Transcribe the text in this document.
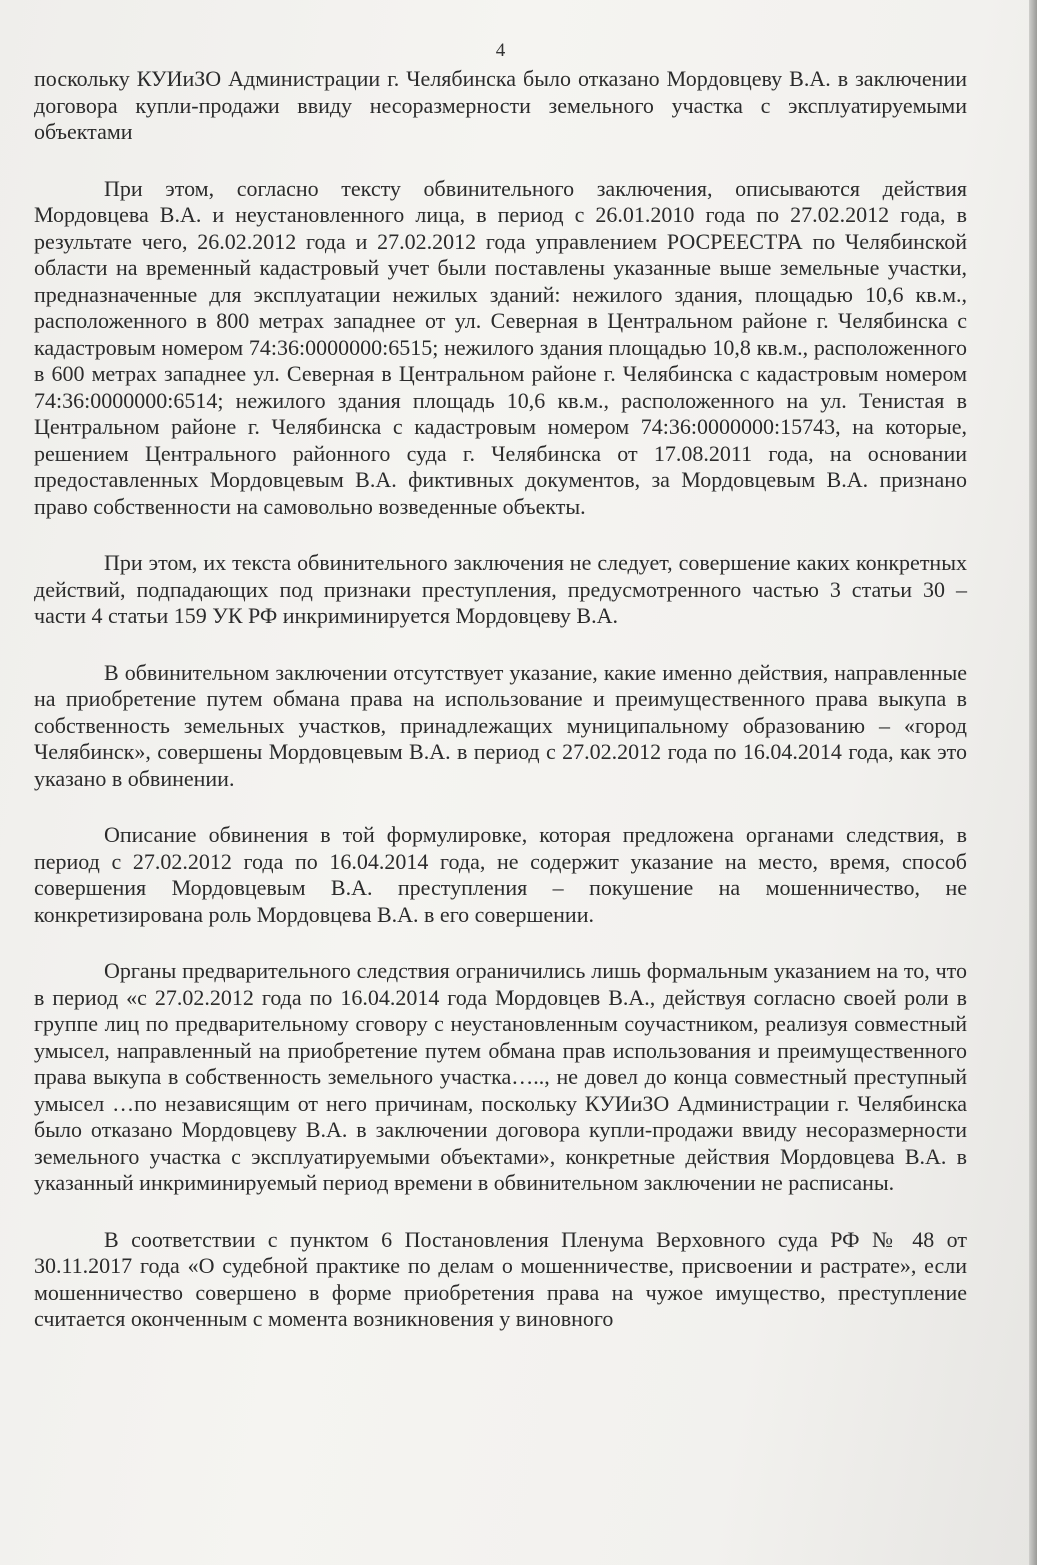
4

поскольку КУИиЗО Администрации г. Челябинска было отказано Мордовцеву В.А. в заключении договора купли-продажи ввиду несоразмерности земельного участка с эксплуатируемыми объектами

При этом, согласно тексту обвинительного заключения, описываются действия Мордовцева В.А. и неустановленного лица, в период с 26.01.2010 года по 27.02.2012 года, в результате чего, 26.02.2012 года и 27.02.2012 года управлением РОСРЕЕСТРА по Челябинской области на временный кадастровый учет были поставлены указанные выше земельные участки, предназначенные для эксплуатации нежилых зданий: нежилого здания, площадью 10,6 кв.м., расположенного в 800 метрах западнее от ул. Северная в Центральном районе г. Челябинска с кадастровым номером 74:36:0000000:6515; нежилого здания площадью 10,8 кв.м., расположенного в 600 метрах западнее ул. Северная в Центральном районе г. Челябинска с кадастровым номером 74:36:0000000:6514; нежилого здания площадь 10,6 кв.м., расположенного на ул. Тенистая в Центральном районе г. Челябинска с кадастровым номером 74:36:0000000:15743, на которые, решением Центрального районного суда г. Челябинска от 17.08.2011 года, на основании предоставленных Мордовцевым В.А. фиктивных документов, за Мордовцевым В.А. признано право собственности на самовольно возведенные объекты.

При этом, их текста обвинительного заключения не следует, совершение каких конкретных действий, подпадающих под признаки преступления, предусмотренного частью 3 статьи 30 – части 4 статьи 159 УК РФ инкриминируется Мордовцеву В.А.

В обвинительном заключении отсутствует указание, какие именно действия, направленные на приобретение путем обмана права на использование и преимущественного права выкупа в собственность земельных участков, принадлежащих муниципальному образованию – «город Челябинск», совершены Мордовцевым В.А. в период с 27.02.2012 года по 16.04.2014 года, как это указано в обвинении.

Описание обвинения в той формулировке, которая предложена органами следствия, в период с 27.02.2012 года по 16.04.2014 года, не содержит указание на место, время, способ совершения Мордовцевым В.А. преступления – покушение на мошенничество, не конкретизирована роль Мордовцева В.А. в его совершении.

Органы предварительного следствия ограничились лишь формальным указанием на то, что в период «с 27.02.2012 года по 16.04.2014 года Мордовцев В.А., действуя согласно своей роли в группе лиц по предварительному сговору с неустановленным соучастником, реализуя совместный умысел, направленный на приобретение путем обмана прав использования и преимущественного права выкупа в собственность земельного участка….., не довел до конца совместный преступный умысел …по независящим от него причинам, поскольку КУИиЗО Администрации г. Челябинска было отказано Мордовцеву В.А. в заключении договора купли-продажи ввиду несоразмерности земельного участка с эксплуатируемыми объектами», конкретные действия Мордовцева В.А. в указанный инкриминируемый период времени в обвинительном заключении не расписаны.

В соответствии с пунктом 6 Постановления Пленума Верховного суда РФ № 48 от 30.11.2017 года «О судебной практике по делам о мошенничестве, присвоении и растрате», если мошенничество совершено в форме приобретения права на чужое имущество, преступление считается оконченным с момента возникновения у виновного
